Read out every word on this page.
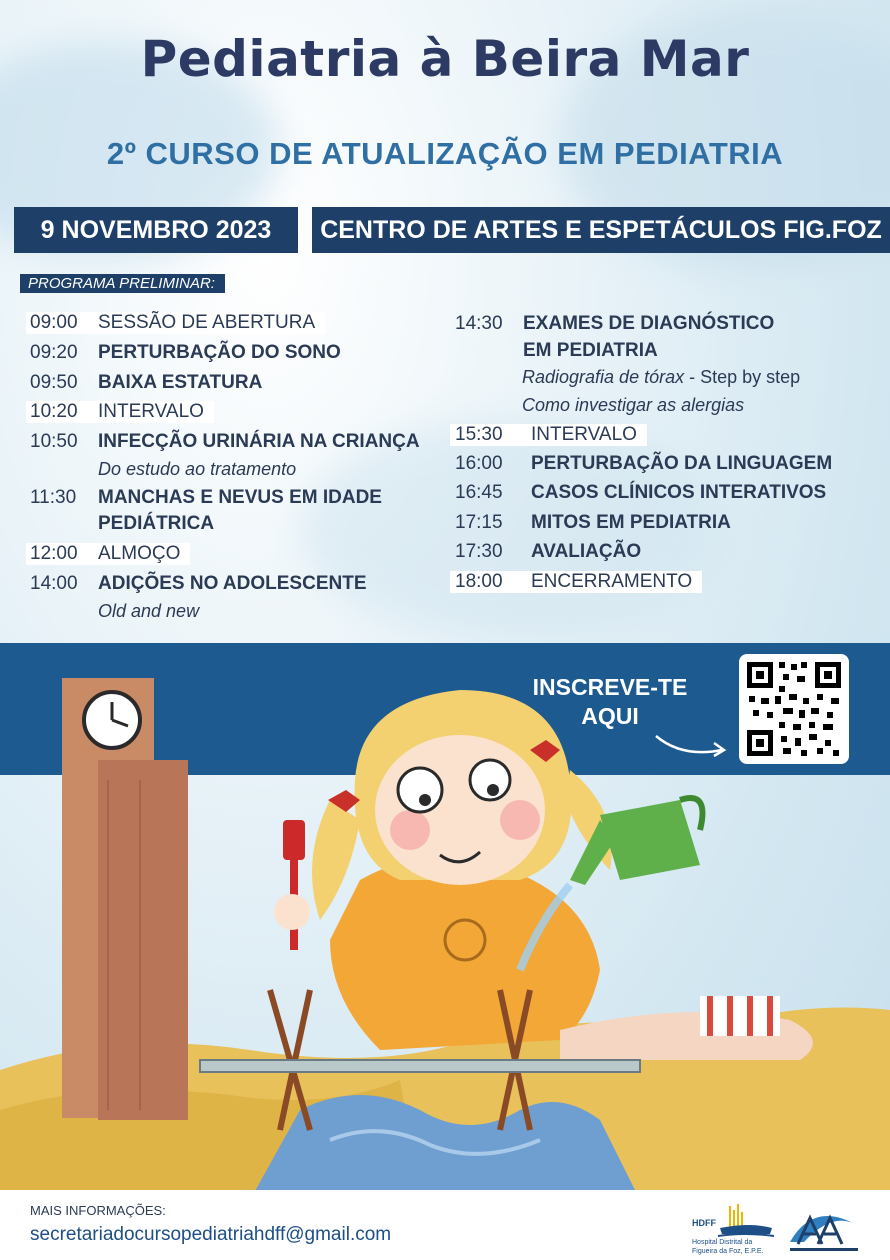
Pediatria à Beira Mar
2º CURSO DE ATUALIZAÇÃO EM PEDIATRIA
9 NOVEMBRO 2023	CENTRO DE ARTES E ESPETÁCULOS FIG.FOZ
PROGRAMA PRELIMINAR:
09:00 SESSÃO DE ABERTURA
09:20 PERTURBAÇÃO DO SONO
09:50 BAIXA ESTATURA
10:20 INTERVALO
10:50 INFECÇÃO URINÁRIA NA CRIANÇA
Do estudo ao tratamento
11:30 MANCHAS E NEVUS EM IDADE
PEDIÁTRICA
12:00 ALMOÇO
14:00 ADIÇÕES NO ADOLESCENTE
Old and new
14:30 EXAMES DE DIAGNÓSTICO
EM PEDIATRIA
Radiografia de tórax - Step by step
Como investigar as alergias
15:30 INTERVALO
16:00 PERTURBAÇÃO DA LINGUAGEM
16:45 CASOS CLÍNICOS INTERATIVOS
17:15 MITOS EM PEDIATRIA
17:30 AVALIAÇÃO
18:00 ENCERRAMENTO
INSCREVE-TE
AQUI
MAIS INFORMAÇÕES:
secretariadocursopediatriahdff@gmail.com
HDFF
Hospital Distrital da
Figueira da Foz, E.P.E.
